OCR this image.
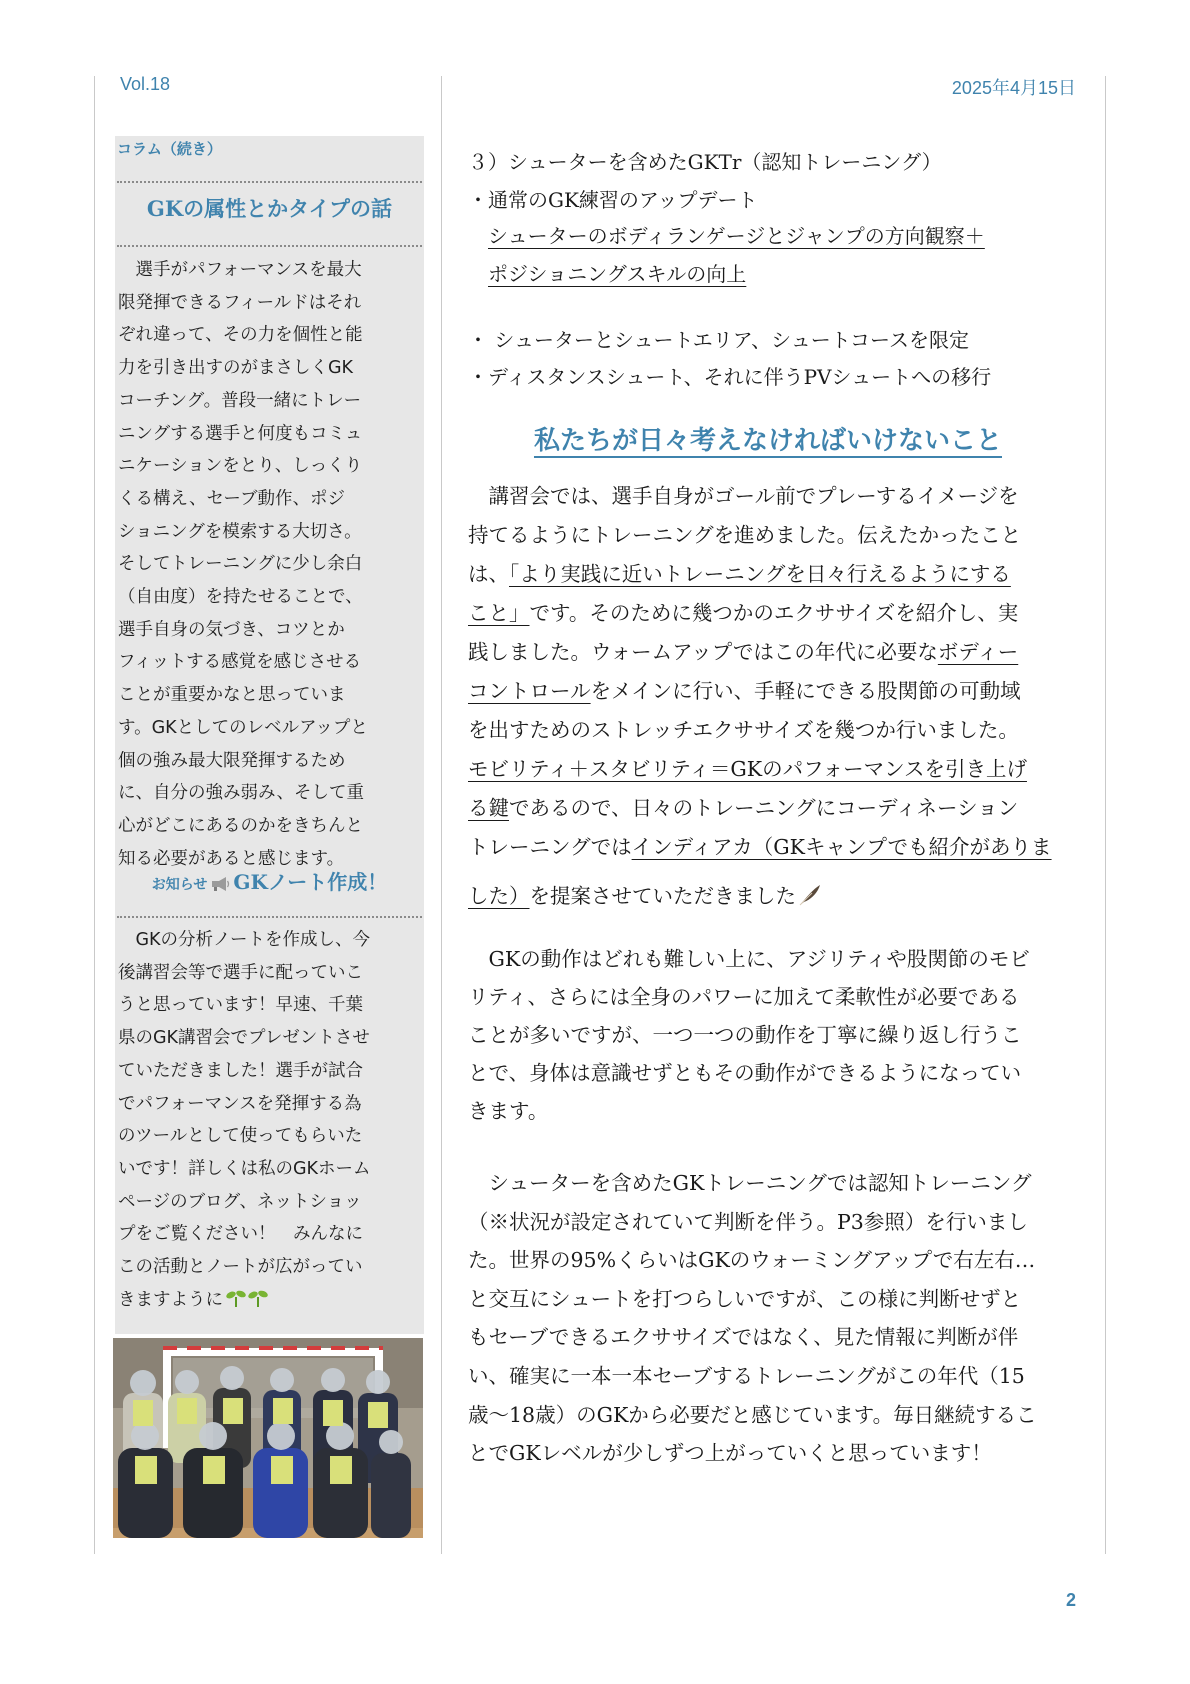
Vol.18	2025年4月15日
2
コラム（続き）
GKの属性とかタイプの話
　選手がパフォーマンスを最大
限発揮できるフィールドはそれ
ぞれ違って、その力を個性と能
力を引き出すのがまさしくGK
コーチング。普段一緒にトレー
ニングする選手と何度もコミュ
ニケーションをとり、しっくり
くる構え、セーブ動作、ポジ
ショニングを模索する大切さ。
そしてトレーニングに少し余白
（自由度）を持たせることで、
選手自身の気づき、コツとか
フィットする感覚を感じさせる
ことが重要かなと思っていま
す。GKとしてのレベルアップと
個の強み最大限発揮するため
に、自分の強み弱み、そして重
心がどこにあるのかをきちんと
知る必要があると感じます。
お知らせ GKノート作成！
　GKの分析ノートを作成し、今
後講習会等で選手に配っていこ
うと思っています！早速、千葉
県のGK講習会でプレゼントさせ
ていただきました！選手が試合
でパフォーマンスを発揮する為
のツールとして使ってもらいた
いです！詳しくは私のGKホーム
ページのブログ、ネットショッ
プをご覧ください！　みんなに
この活動とノートが広がってい
きますように
３）シューターを含めたGKTr（認知トレーニング）
・通常のGK練習のアップデート
シューターのボディランゲージとジャンプの方向観察＋
ポジショニングスキルの向上
・ シューターとシュートエリア、シュートコースを限定
・ディスタンスシュート、それに伴うPVシュートへの移行
私たちが日々考えなければいけないこと
　講習会では、選手自身がゴール前でプレーするイメージを
持てるようにトレーニングを進めました。伝えたかったこと
は、「より実践に近いトレーニングを日々行えるようにする
こと」です。そのために幾つかのエクササイズを紹介し、実
践しました。ウォームアップではこの年代に必要なボディー
コントロールをメインに行い、手軽にできる股関節の可動域
を出すためのストレッチエクササイズを幾つか行いました。
モビリティ＋スタビリティ＝GKのパフォーマンスを引き上げ
る鍵であるので、日々のトレーニングにコーディネーション
トレーニングではインディアカ（GKキャンプでも紹介がありま
した）を提案させていただきました
　GKの動作はどれも難しい上に、アジリティや股関節のモビ
リティ、さらには全身のパワーに加えて柔軟性が必要である
ことが多いですが、一つ一つの動作を丁寧に繰り返し行うこ
とで、身体は意識せずともその動作ができるようになってい
きます。
　シューターを含めたGKトレーニングでは認知トレーニング
（※状況が設定されていて判断を伴う。P3参照）を行いまし
た。世界の95%くらいはGKのウォーミングアップで右左右…
と交互にシュートを打つらしいですが、この様に判断せずと
もセーブできるエクササイズではなく、見た情報に判断が伴
い、確実に一本一本セーブするトレーニングがこの年代（15
歳〜18歳）のGKから必要だと感じています。毎日継続するこ
とでGKレベルが少しずつ上がっていくと思っています！
